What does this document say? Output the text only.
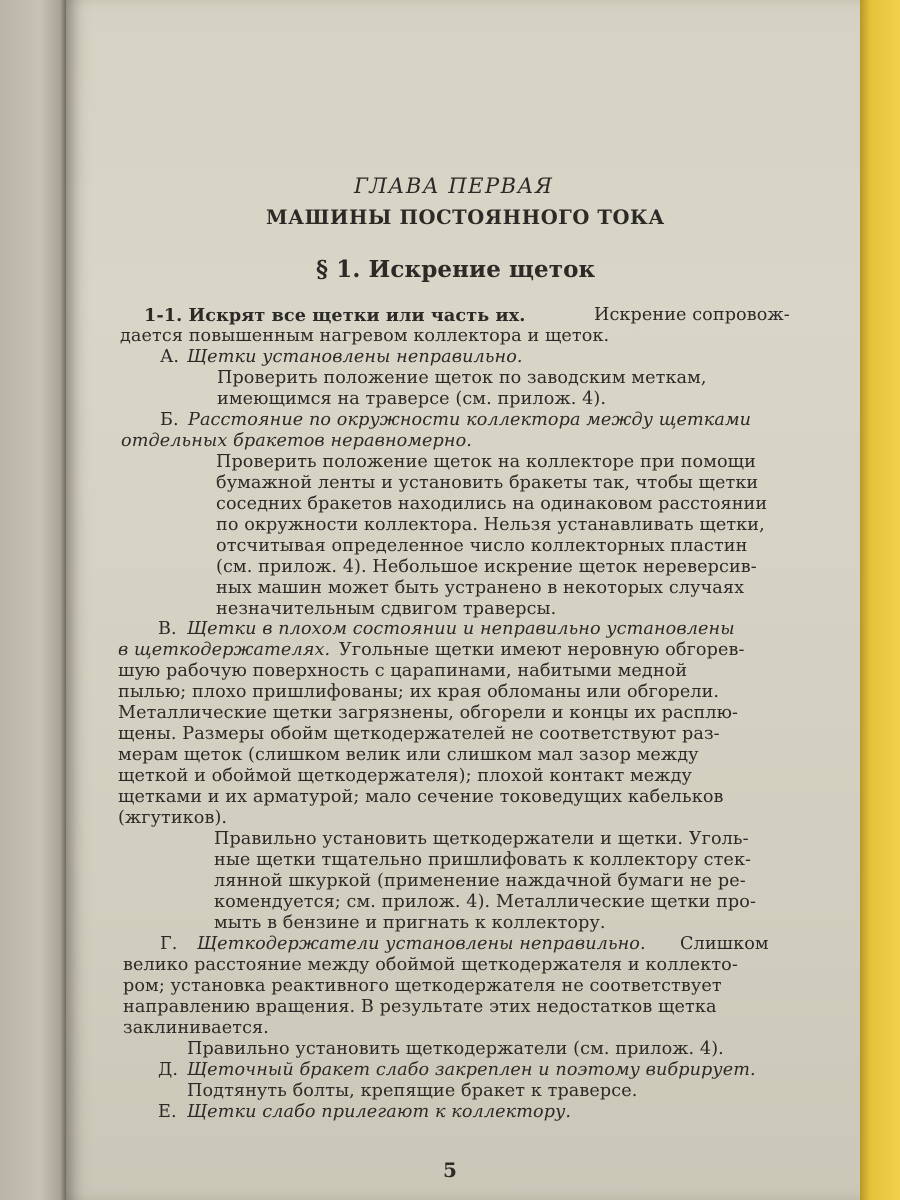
ГЛАВА ПЕРВАЯ
МАШИНЫ ПОСТОЯННОГО ТОКА
§ 1. Искрение щеток
1-1. Искрят все щетки или часть их.	Искрение сопровож-
дается повышенным нагревом коллектора и щеток.
А. Щетки установлены неправильно.
Проверить положение щеток по заводским меткам,
имеющимся на траверсе (см. прилож. 4).
Б. Расстояние по окружности коллектора между щетками
отдельных бракетов неравномерно.
Проверить положение щеток на коллекторе при помощи
бумажной ленты и установить бракеты так, чтобы щетки
соседних бракетов находились на одинаковом расстоянии
по окружности коллектора. Нельзя устанавливать щетки,
отсчитывая определенное число коллекторных пластин
(см. прилож. 4). Небольшое искрение щеток нереверсив-
ных машин может быть устранено в некоторых случаях
незначительным сдвигом траверсы.
В. Щетки в плохом состоянии и неправильно установлены
в щеткодержателях. Угольные щетки имеют неровную обгорев-
шую рабочую поверхность с царапинами, набитыми медной
пылью; плохо пришлифованы; их края обломаны или обгорели.
Металлические щетки загрязнены, обгорели и концы их расплю-
щены. Размеры обойм щеткодержателей не соответствуют раз-
мерам щеток (слишком велик или слишком мал зазор между
щеткой и обоймой щеткодержателя); плохой контакт между
щетками и их арматурой; мало сечение токоведущих кабельков
(жгутиков).
Правильно установить щеткодержатели и щетки. Уголь-
ные щетки тщательно пришлифовать к коллектору стек-
лянной шкуркой (применение наждачной бумаги не ре-
комендуется; см. прилож. 4). Металлические щетки про-
мыть в бензине и пригнать к коллектору.
Г. Щеткодержатели установлены неправильно. Слишком
велико расстояние между обоймой щеткодержателя и коллекто-
ром; установка реактивного щеткодержателя не соответствует
направлению вращения. В результате этих недостатков щетка
заклинивается.
Правильно установить щеткодержатели (см. прилож. 4).
Д. Щеточный бракет слабо закреплен и поэтому вибрирует.
Подтянуть болты, крепящие бракет к траверсе.
Е. Щетки слабо прилегают к коллектору.
5
